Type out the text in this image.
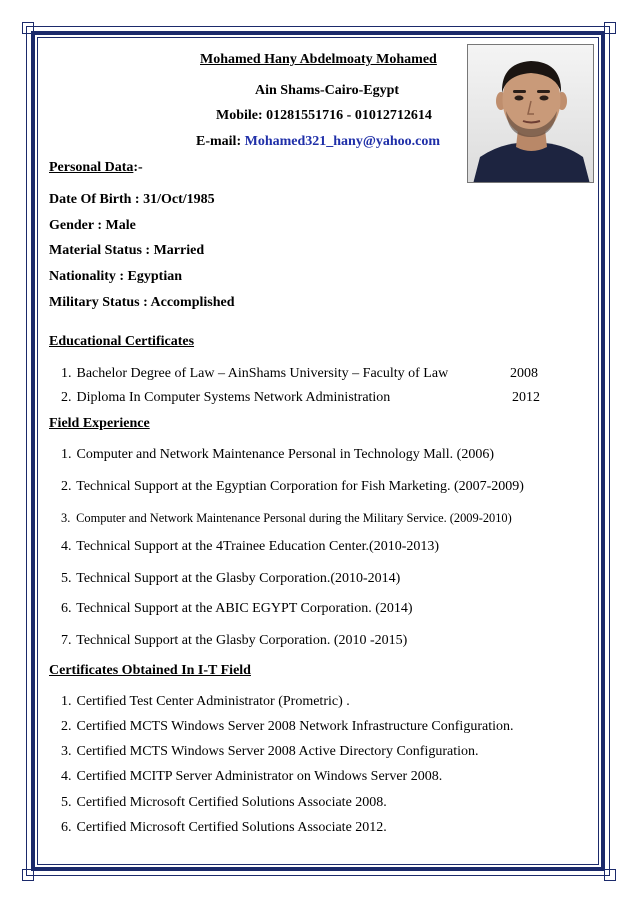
Mohamed Hany Abdelmoaty Mohamed
Ain Shams-Cairo-Egypt
Mobile: 01281551716 - 01012712614
E-mail: Mohamed321_hany@yahoo.com
Personal Data:-
Date Of Birth : 31/Oct/1985
Gender : Male
Material Status : Married
Nationality : Egyptian
Military Status : Accomplished
Educational Certificates
1. Bachelor Degree of Law – AinShams University – Faculty of Law	2008
2. Diploma In Computer Systems Network Administration	2012
Field Experience
1. Computer and Network Maintenance Personal in Technology Mall. (2006)
2. Technical Support at the Egyptian Corporation for Fish Marketing. (2007-2009)
3. Computer and Network Maintenance Personal during the Military Service. (2009-2010)
4. Technical Support at the 4Trainee Education Center.(2010-2013)
5. Technical Support at the Glasby Corporation.(2010-2014)
6. Technical Support at the ABIC EGYPT Corporation. (2014)
7. Technical Support at the Glasby Corporation. (2010 -2015)
Certificates Obtained In I-T Field
1. Certified Test Center Administrator (Prometric) .
2. Certified MCTS Windows Server 2008 Network Infrastructure Configuration.
3. Certified MCTS Windows Server 2008 Active Directory Configuration.
4. Certified MCITP Server Administrator on Windows Server 2008.
5. Certified Microsoft Certified Solutions Associate 2008.
6. Certified Microsoft Certified Solutions Associate 2012.
